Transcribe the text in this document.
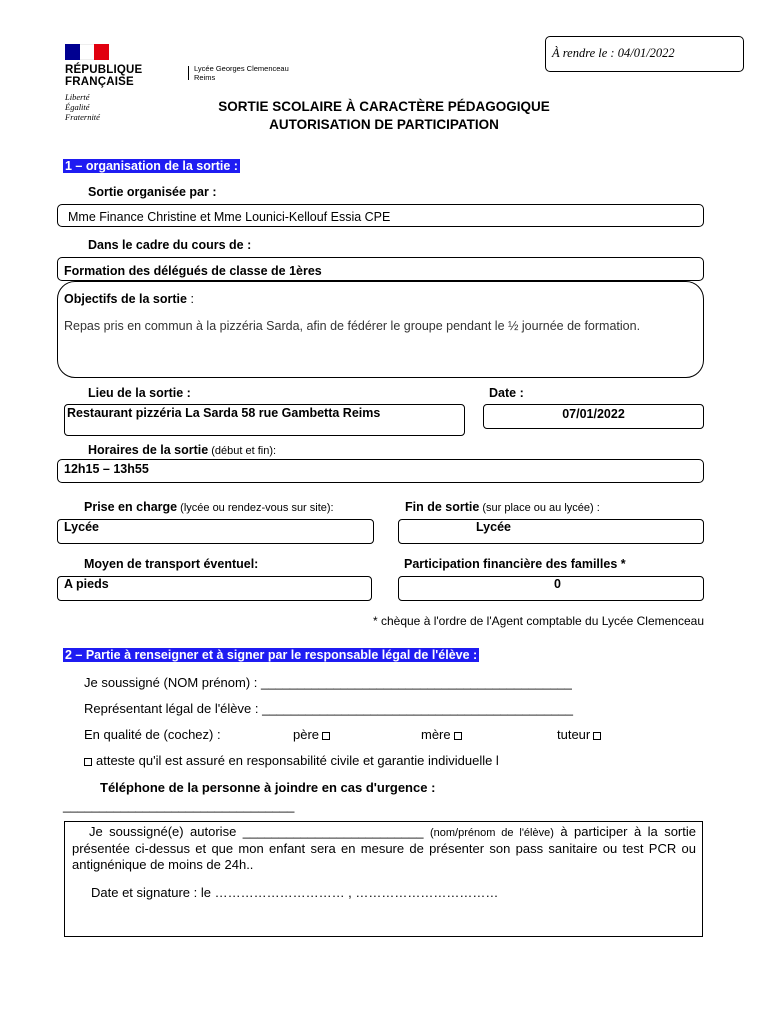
RÉPUBLIQUE
FRANÇAISE
Liberté
Égalité
Fraternité
Lycée Georges Clemenceau
Reims
À rendre le : 04/01/2022
SORTIE SCOLAIRE À CARACTÈRE PÉDAGOGIQUE
AUTORISATION DE PARTICIPATION
1 – organisation de la sortie :
Sortie organisée par :
Mme Finance Christine et Mme Lounici-Kellouf Essia CPE
Dans le cadre du cours de :
Formation des délégués de classe de 1ères
Objectifs de la sortie :
Repas pris en commun à la pizzéria Sarda, afin de fédérer le groupe pendant le ½ journée de formation.
Lieu de la sortie :	Date :
Restaurant pizzéria La Sarda 58 rue Gambetta Reims	07/01/2022
Horaires de la sortie (début et fin):
12h15 – 13h55
Prise en charge (lycée ou rendez-vous sur site):	Fin de sortie (sur place ou au lycée) :
Lycée	Lycée
Moyen de transport éventuel:	Participation financière des familles *
A pieds	0
* chèque à l'ordre de l'Agent comptable du Lycée Clemenceau
2 – Partie à renseigner et à signer par le responsable légal de l'élève :
Je soussigné (NOM prénom) : ___________________________________________
Représentant légal de l'élève : ___________________________________________
En qualité de (cochez) :	père	mère	tuteur
atteste qu'il est assuré en responsabilité civile et garantie individuelle l
Téléphone de la personne à joindre en cas d'urgence :
________________________________
Je soussigné(e) autorise _________________________ (nom/prénom de l'élève) à participer à la sortie présentée ci-dessus et que mon enfant sera en mesure de présenter son pass sanitaire ou test PCR ou antignénique de moins de 24h..
Date et signature : le ………………………… , ……………………………
